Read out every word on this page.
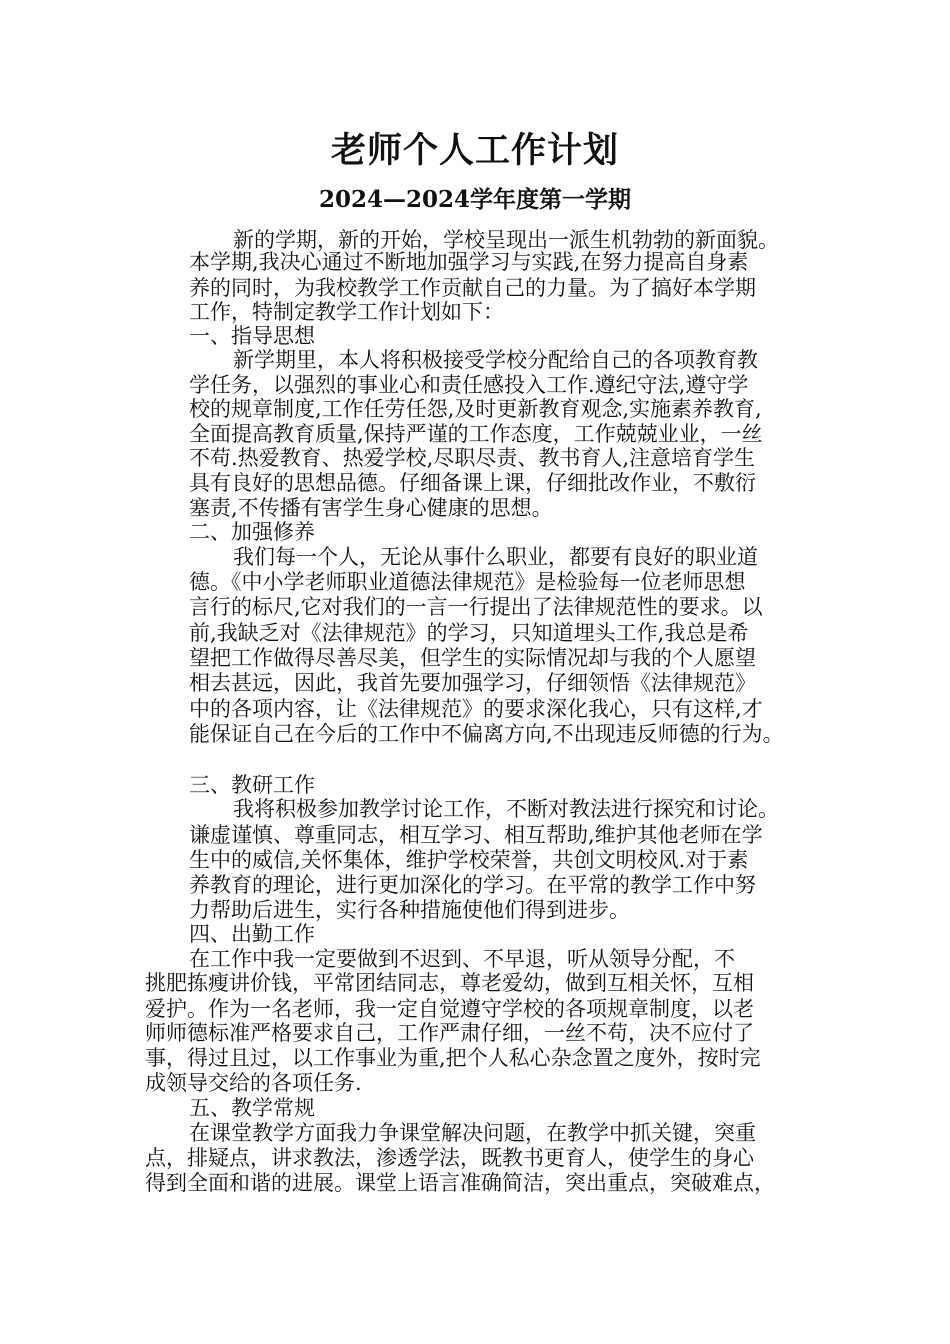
老师个人工作计划
2024—2024学年度第一学期
新的学期，新的开始，学校呈现出一派生机勃勃的新面貌。
本学期,我决心通过不断地加强学习与实践,在努力提高自身素
养的同时，为我校教学工作贡献自己的力量。为了搞好本学期
工作，特制定教学工作计划如下：
一、指导思想
新学期里，本人将积极接受学校分配给自己的各项教育教
学任务，以强烈的事业心和责任感投入工作.遵纪守法,遵守学
校的规章制度,工作任劳任怨,及时更新教育观念,实施素养教育,
全面提高教育质量,保持严谨的工作态度，工作兢兢业业，一丝
不苟.热爱教育、热爱学校,尽职尽责、教书育人,注意培育学生
具有良好的思想品德。仔细备课上课，仔细批改作业，不敷衍
塞责,不传播有害学生身心健康的思想。
二、加强修养
我们每一个人，无论从事什么职业，都要有良好的职业道
德。《中小学老师职业道德法律规范》是检验每一位老师思想
言行的标尺,它对我们的一言一行提出了法律规范性的要求。以
前,我缺乏对《法律规范》的学习，只知道埋头工作,我总是希
望把工作做得尽善尽美，但学生的实际情况却与我的个人愿望
相去甚远，因此，我首先要加强学习，仔细领悟《法律规范》
中的各项内容，让《法律规范》的要求深化我心，只有这样,才
能保证自己在今后的工作中不偏离方向,不出现违反师德的行为。
三、教研工作
我将积极参加教学讨论工作，不断对教法进行探究和讨论。
谦虚谨慎、尊重同志，相互学习、相互帮助,维护其他老师在学
生中的威信,关怀集体，维护学校荣誉，共创文明校风.对于素
养教育的理论，进行更加深化的学习。在平常的教学工作中努
力帮助后进生，实行各种措施使他们得到进步。
四、出勤工作
在工作中我一定要做到不迟到、不早退，听从领导分配，不
挑肥拣瘦讲价钱，平常团结同志，尊老爱幼，做到互相关怀，互相
爱护。作为一名老师，我一定自觉遵守学校的各项规章制度，以老
师师德标准严格要求自己，工作严肃仔细，一丝不苟，决不应付了
事，得过且过，以工作事业为重,把个人私心杂念置之度外，按时完
成领导交给的各项任务.
五、教学常规
在课堂教学方面我力争课堂解决问题，在教学中抓关键，突重
点，排疑点，讲求教法，渗透学法，既教书更育人，使学生的身心
得到全面和谐的进展。课堂上语言准确简洁，突出重点，突破难点，
